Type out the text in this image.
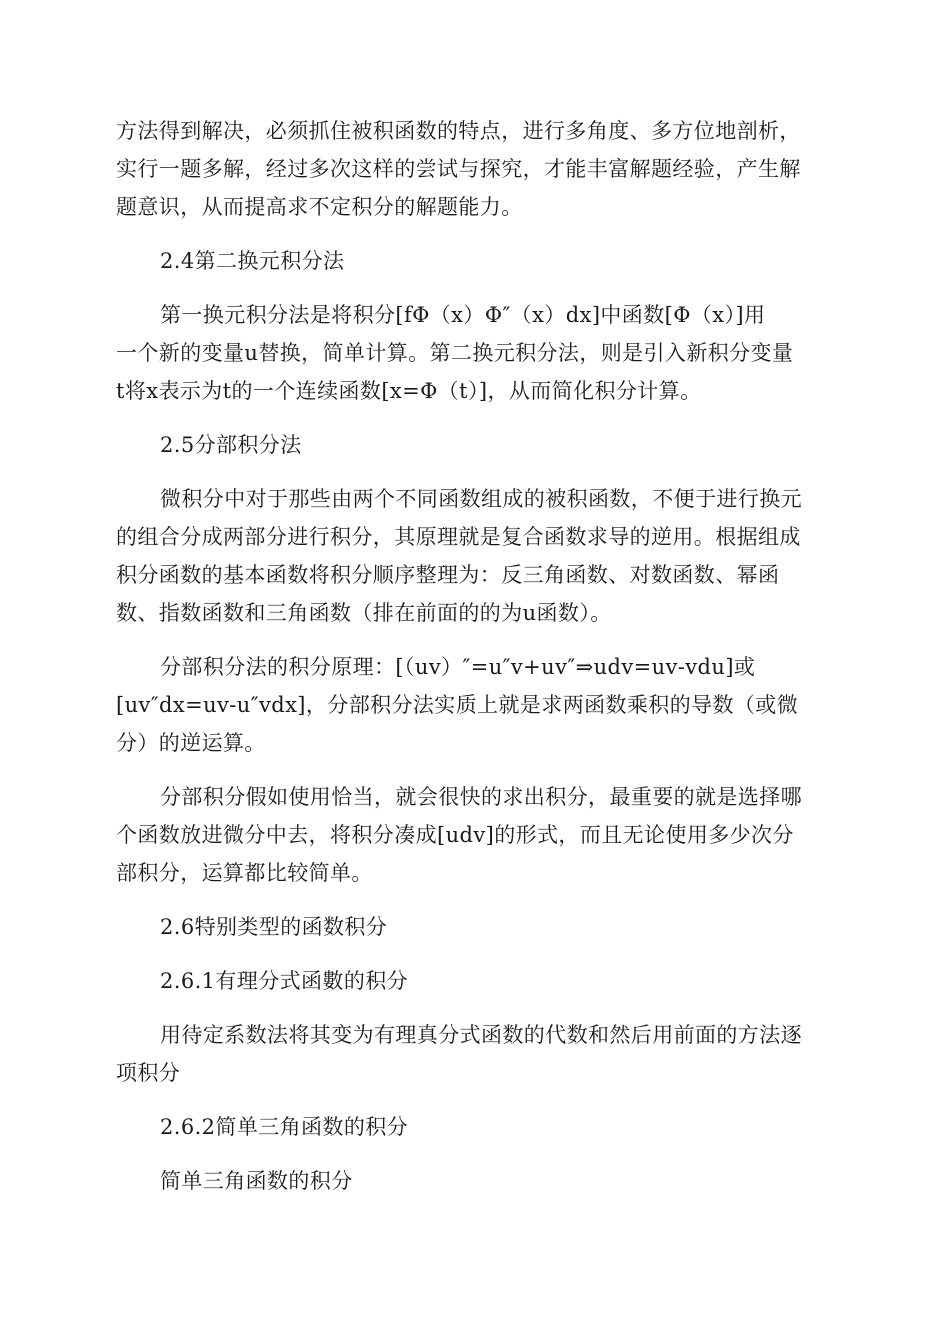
方法得到解决，必须抓住被积函数的特点，进行多角度、多方位地剖析，
实行一题多解，经过多次这样的尝试与探究，才能丰富解题经验，产生解
题意识，从而提高求不定积分的解题能力。
2.4第二换元积分法
第一换元积分法是将积分[fΦ（x）Φ″（x）dx]中函数[Φ（x）]用
一个新的变量u替换，简单计算。第二换元积分法，则是引入新积分变量
t将x表示为t的一个连续函数[x=Φ（t）]，从而简化积分计算。
2.5分部积分法
微积分中对于那些由两个不同函数组成的被积函数，不便于进行换元
的组合分成两部分进行积分，其原理就是复合函数求导的逆用。根据组成
积分函数的基本函数将积分顺序整理为：反三角函数、对数函数、幂函
数、指数函数和三角函数（排在前面的的为u函数）。
分部积分法的积分原理：[（uv）″=u″v+uv″⇒udv=uv-vdu]或
[uv″dx=uv-u″vdx]，分部积分法实质上就是求两函数乘积的导数（或微
分）的逆运算。
分部积分假如使用恰当，就会很快的求出积分，最重要的就是选择哪
个函数放进微分中去，将积分凑成[udv]的形式，而且无论使用多少次分
部积分，运算都比较简单。
2.6特别类型的函数积分
2.6.1有理分式函數的积分
用待定系数法将其变为有理真分式函数的代数和然后用前面的方法逐
项积分
2.6.2简单三角函数的积分
简单三角函数的积分
